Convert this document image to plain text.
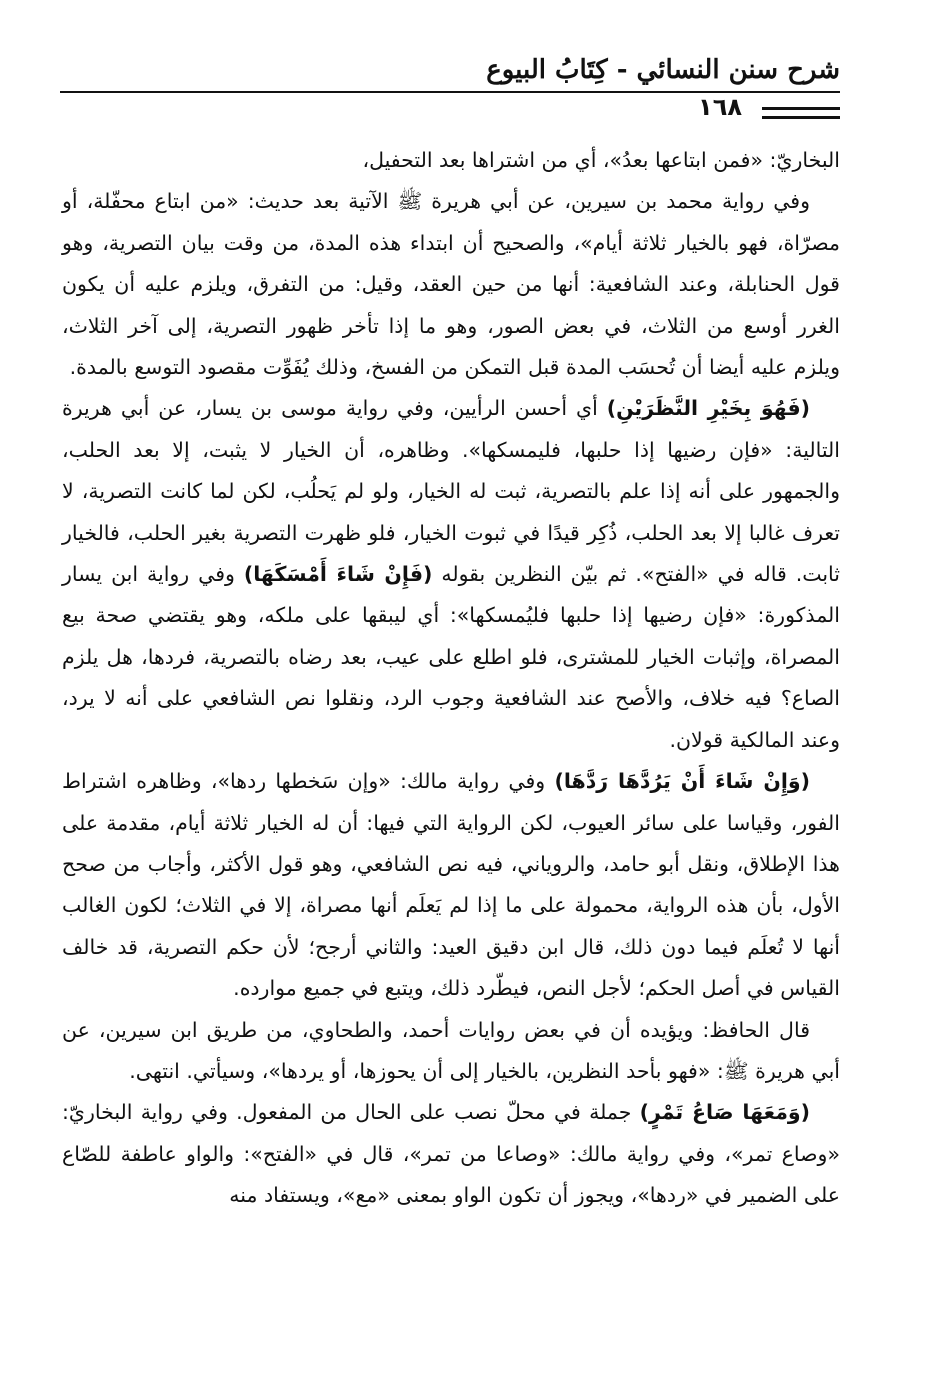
شرح سنن النسائي - كِتَابُ البيوع
١٦٨

البخاريّ: «فمن ابتاعها بعدُ»، أي من اشتراها بعد التحفيل،

وفي رواية محمد بن سيرين، عن أبي هريرة ﷺ الآتية بعد حديث: «من ابتاع محفّلة، أو مصرّاة، فهو بالخيار ثلاثة أيام»، والصحيح أن ابتداء هذه المدة، من وقت بيان التصرية، وهو قول الحنابلة، وعند الشافعية: أنها من حين العقد، وقيل: من التفرق، ويلزم عليه أن يكون الغرر أوسع من الثلاث، في بعض الصور، وهو ما إذا تأخر ظهور التصرية، إلى آخر الثلاث، ويلزم عليه أيضا أن تُحسَب المدة قبل التمكن من الفسخ، وذلك يُفَوِّت مقصود التوسع بالمدة.

(فَهُوَ بِخَيْرِ النَّظَرَيْنِ) أي أحسن الرأيين، وفي رواية موسى بن يسار، عن أبي هريرة التالية: «فإن رضيها إذا حلبها، فليمسكها». وظاهره، أن الخيار لا يثبت، إلا بعد الحلب، والجمهور على أنه إذا علم بالتصرية، ثبت له الخيار، ولو لم يَحلُب، لكن لما كانت التصرية، لا تعرف غالبا إلا بعد الحلب، ذُكِر قيدًا في ثبوت الخيار، فلو ظهرت التصرية بغير الحلب، فالخيار ثابت. قاله في «الفتح». ثم بيّن النظرين بقوله (فَإِنْ شَاءَ أَمْسَكَهَا) وفي رواية ابن يسار المذكورة: «فإن رضيها إذا حلبها فليُمسكها»: أي ليبقها على ملكه، وهو يقتضي صحة بيع المصراة، وإثبات الخيار للمشترى، فلو اطلع على عيب، بعد رضاه بالتصرية، فردها، هل يلزم الصاع؟ فيه خلاف، والأصح عند الشافعية وجوب الرد، ونقلوا نص الشافعي على أنه لا يرد، وعند المالكية قولان.

(وَإِنْ شَاءَ أَنْ يَرُدَّهَا رَدَّهَا) وفي رواية مالك: «وإن سَخطها ردها»، وظاهره اشتراط الفور، وقياسا على سائر العيوب، لكن الرواية التي فيها: أن له الخيار ثلاثة أيام، مقدمة على هذا الإطلاق، ونقل أبو حامد، والروياني، فيه نص الشافعي، وهو قول الأكثر، وأجاب من صحح الأول، بأن هذه الرواية، محمولة على ما إذا لم يَعلَم أنها مصراة، إلا في الثلاث؛ لكون الغالب أنها لا تُعلَم فيما دون ذلك، قال ابن دقيق العيد: والثاني أرجح؛ لأن حكم التصرية، قد خالف القياس في أصل الحكم؛ لأجل النص، فيطّرد ذلك، ويتبع في جميع موارده.

قال الحافظ: ويؤيده أن في بعض روايات أحمد، والطحاوي، من طريق ابن سيرين، عن أبي هريرة ﷺ: «فهو بأحد النظرين، بالخيار إلى أن يحوزها، أو يردها»، وسيأتي. انتهى.

(وَمَعَهَا صَاعُ تَمْرٍ) جملة في محلّ نصب على الحال من المفعول. وفي رواية البخاريّ: «وصاع تمر»، وفي رواية مالك: «وصاعا من تمر»، قال في «الفتح»: والواو عاطفة للصّاع على الضمير في «ردها»، ويجوز أن تكون الواو بمعنى «مع»، ويستفاد منه
